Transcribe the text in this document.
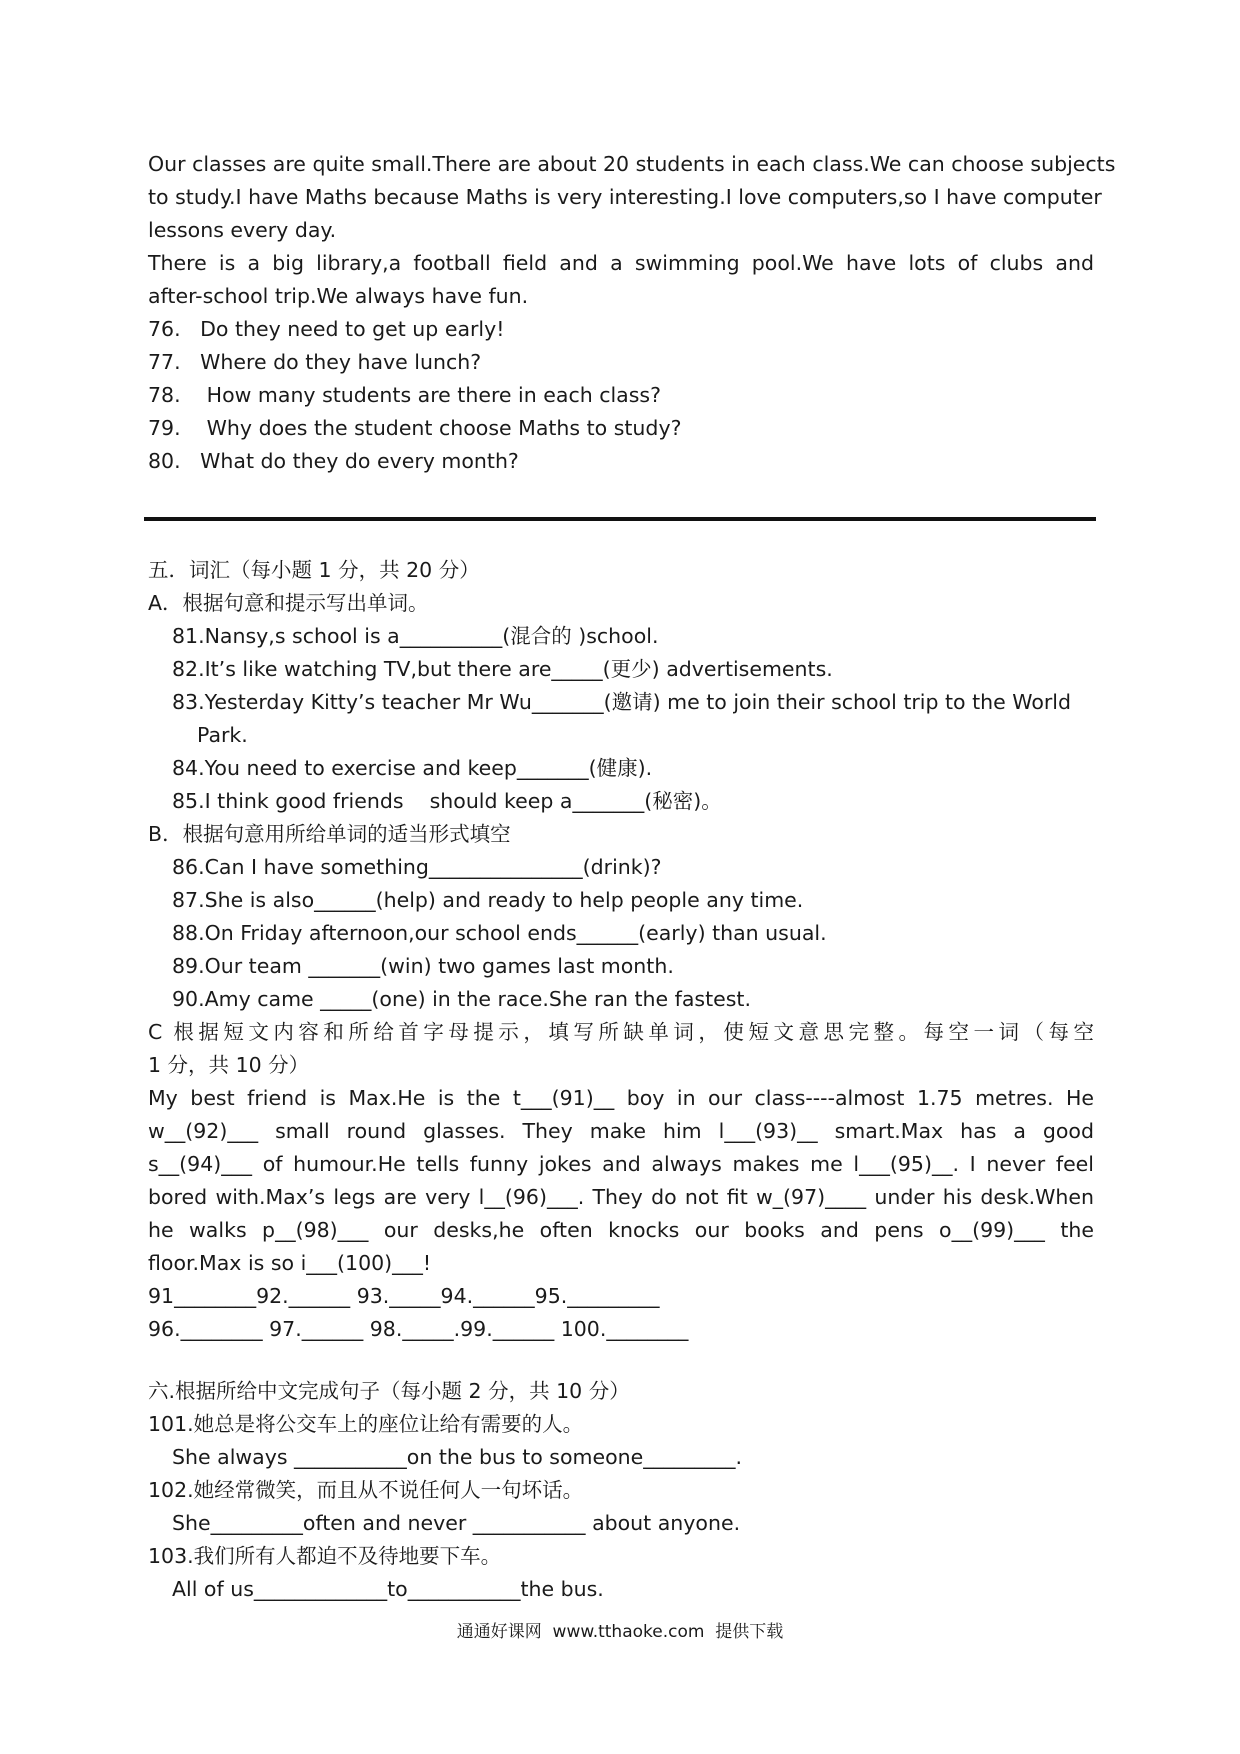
Our classes are quite small.There are about 20 students in each class.We can choose subjects
to study.I have Maths because Maths is very interesting.I love computers,so I have computer
lessons every day.
There is a big library,a football field and a swimming pool.We have lots of clubs and
after-school trip.We always have fun.
76.   Do they need to get up early!
77.   Where do they have lunch?
78.    How many students are there in each class?
79.    Why does the student choose Maths to study?
80.   What do they do every month?
五．词汇（每小题 1 分，共 20 分）
A．根据句意和提示写出单词。
81.Nansy,s school is a__________(混合的 )school.
82.It’s like watching TV,but there are_____(更少) advertisements.
83.Yesterday Kitty’s teacher Mr Wu_______(邀请) me to join their school trip to the World
Park.
84.You need to exercise and keep_______(健康).
85.I think good friends    should keep a_______(秘密)。
B．根据句意用所给单词的适当形式填空
86.Can I have something_______________(drink)?
87.She is also______(help) and ready to help people any time.
88.On Friday afternoon,our school ends______(early) than usual.
89.Our team _______(win) two games last month.
90.Amy came _____(one) in the race.She ran the fastest.
C 根据短文内容和所给首字母提示，填写所缺单词，使短文意思完整。每空一词（每空
1 分，共 10 分）
My best friend is Max.He is the t___(91)__ boy in our class----almost 1.75 metres. He
w__(92)___ small round glasses. They make him l___(93)__ smart.Max has a good
s__(94)___ of humour.He tells funny jokes and always makes me l___(95)__. I never feel
bored with.Max’s legs are very l__(96)___. They do not fit w_(97)____ under his desk.When
he walks p__(98)___ our desks,he often knocks our books and pens o__(99)___ the
floor.Max is so i___(100)___!
91________92.______ 93._____94.______95._________
96.________ 97.______ 98._____.99.______ 100.________
六.根据所给中文完成句子（每小题 2 分，共 10 分）
101.她总是将公交车上的座位让给有需要的人。
She always ___________on the bus to someone_________.
102.她经常微笑，而且从不说任何人一句坏话。
She_________often and never ___________ about anyone.
103.我们所有人都迫不及待地要下车。
All of us_____________to___________the bus.
通通好课网  www.tthaoke.com  提供下载
